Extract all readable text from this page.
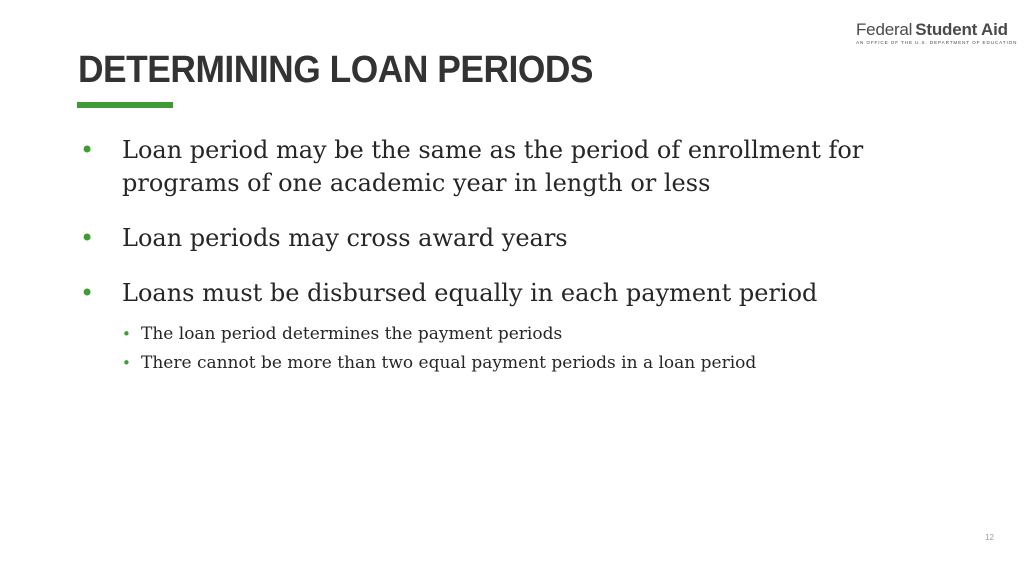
Federal Student Aid
AN OFFICE OF THE U.S. DEPARTMENT OF EDUCATION
DETERMINING LOAN PERIODS
• Loan period may be the same as the period of enrollment for programs of one academic year in length or less
• Loan periods may cross award years
• Loans must be disbursed equally in each payment period
• The loan period determines the payment periods
• There cannot be more than two equal payment periods in a loan period
12
